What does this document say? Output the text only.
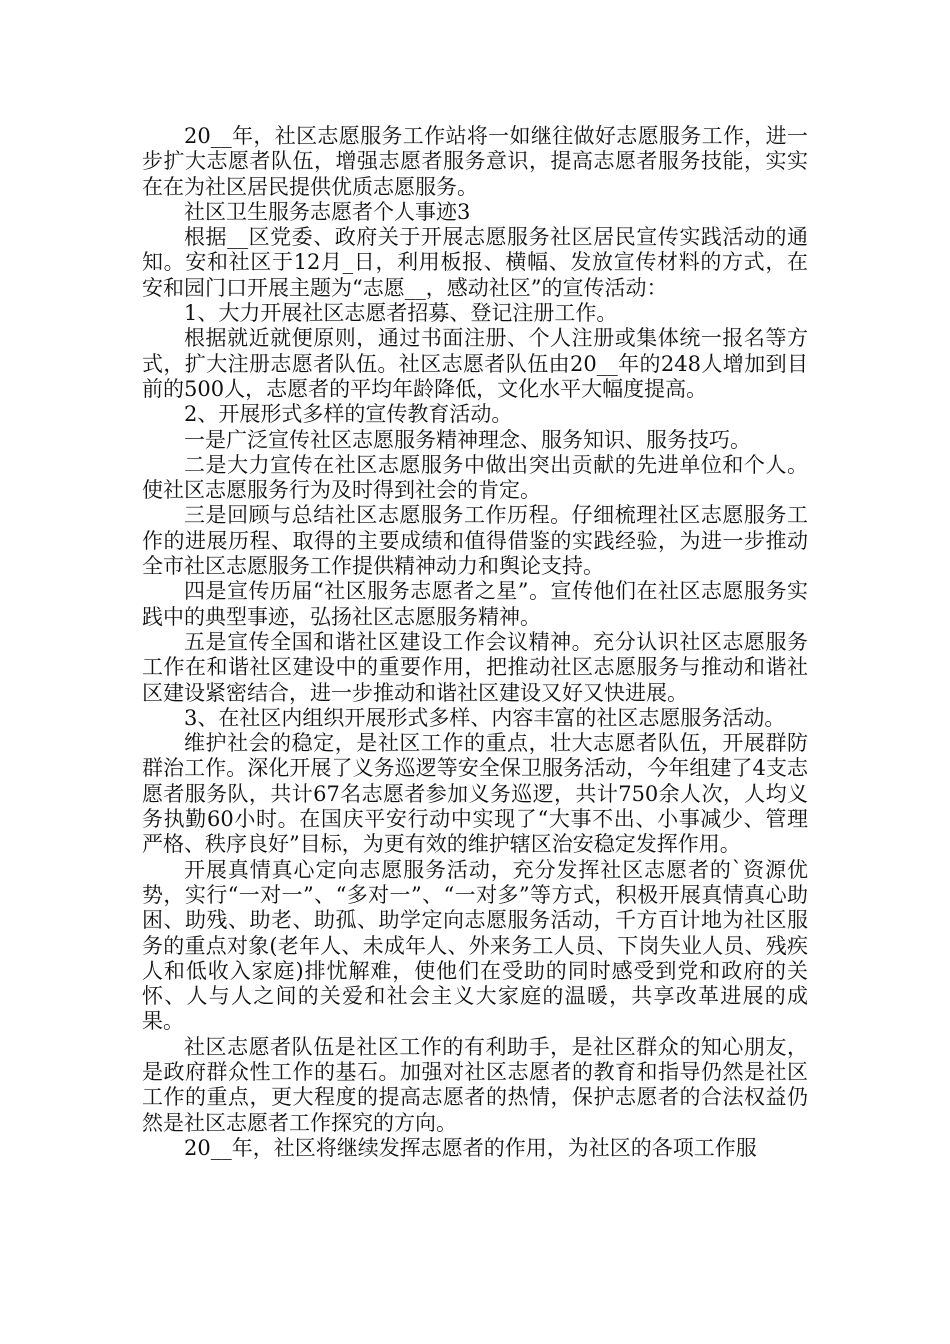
20__年，社区志愿服务工作站将一如继往做好志愿服务工作，进一步扩大志愿者队伍，增强志愿者服务意识，提高志愿者服务技能，实实在在为社区居民提供优质志愿服务。

社区卫生服务志愿者个人事迹3

根据__区党委、政府关于开展志愿服务社区居民宣传实践活动的通知。安和社区于12月_日，利用板报、横幅、发放宣传材料的方式，在安和园门口开展主题为“志愿__，感动社区”的宣传活动：

1、大力开展社区志愿者招募、登记注册工作。

根据就近就便原则，通过书面注册、个人注册或集体统一报名等方式，扩大注册志愿者队伍。社区志愿者队伍由20__年的248人增加到目前的500人，志愿者的平均年龄降低，文化水平大幅度提高。

2、开展形式多样的宣传教育活动。

一是广泛宣传社区志愿服务精神理念、服务知识、服务技巧。

二是大力宣传在社区志愿服务中做出突出贡献的先进单位和个人。使社区志愿服务行为及时得到社会的肯定。

三是回顾与总结社区志愿服务工作历程。仔细梳理社区志愿服务工作的进展历程、取得的主要成绩和值得借鉴的实践经验，为进一步推动全市社区志愿服务工作提供精神动力和舆论支持。

四是宣传历届“社区服务志愿者之星”。宣传他们在社区志愿服务实践中的典型事迹，弘扬社区志愿服务精神。

五是宣传全国和谐社区建设工作会议精神。充分认识社区志愿服务工作在和谐社区建设中的重要作用，把推动社区志愿服务与推动和谐社区建设紧密结合，进一步推动和谐社区建设又好又快进展。

3、在社区内组织开展形式多样、内容丰富的社区志愿服务活动。

维护社会的稳定，是社区工作的重点，壮大志愿者队伍，开展群防群治工作。深化开展了义务巡逻等安全保卫服务活动，今年组建了4支志愿者服务队，共计67名志愿者参加义务巡逻，共计750余人次，人均义务执勤60小时。在国庆平安行动中实现了“大事不出、小事减少、管理严格、秩序良好”目标，为更有效的维护辖区治安稳定发挥作用。

开展真情真心定向志愿服务活动，充分发挥社区志愿者的`资源优势，实行“一对一”、“多对一”、“一对多”等方式，积极开展真情真心助困、助残、助老、助孤、助学定向志愿服务活动，千方百计地为社区服务的重点对象(老年人、未成年人、外来务工人员、下岗失业人员、残疾人和低收入家庭)排忧解难，使他们在受助的同时感受到党和政府的关怀、人与人之间的关爱和社会主义大家庭的温暖，共享改革进展的成果。

社区志愿者队伍是社区工作的有利助手，是社区群众的知心朋友，是政府群众性工作的基石。加强对社区志愿者的教育和指导仍然是社区工作的重点，更大程度的提高志愿者的热情，保护志愿者的合法权益仍然是社区志愿者工作探究的方向。

20__年，社区将继续发挥志愿者的作用，为社区的各项工作服
